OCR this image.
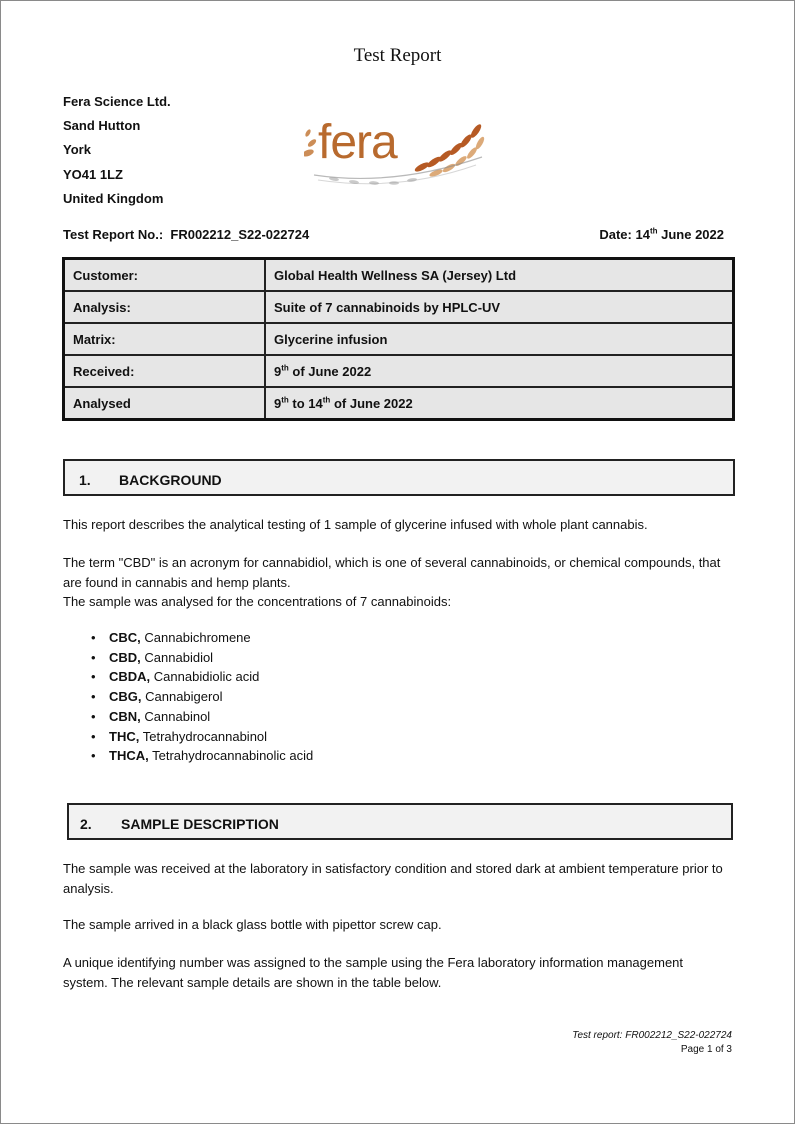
Test Report
Fera Science Ltd.
Sand Hutton
York
YO41 1LZ
United Kingdom
fera
Test Report No.: FR002212_S22-022724	Date: 14th June 2022
Customer:	Global Health Wellness SA (Jersey) Ltd
Analysis:	Suite of 7 cannabinoids by HPLC-UV
Matrix:	Glycerine infusion
Received:	9th of June 2022
Analysed	9th to 14th of June 2022
1. BACKGROUND
This report describes the analytical testing of 1 sample of glycerine infused with whole plant cannabis.
The term "CBD" is an acronym for cannabidiol, which is one of several cannabinoids, or chemical compounds, that are found in cannabis and hemp plants.
The sample was analysed for the concentrations of 7 cannabinoids:
• CBC, Cannabichromene
• CBD, Cannabidiol
• CBDA, Cannabidiolic acid
• CBG, Cannabigerol
• CBN, Cannabinol
• THC, Tetrahydrocannabinol
• THCA, Tetrahydrocannabinolic acid
2. SAMPLE DESCRIPTION
The sample was received at the laboratory in satisfactory condition and stored dark at ambient temperature prior to analysis.
The sample arrived in a black glass bottle with pipettor screw cap.
A unique identifying number was assigned to the sample using the Fera laboratory information management system. The relevant sample details are shown in the table below.
Test report: FR002212_S22-022724
Page 1 of 3
